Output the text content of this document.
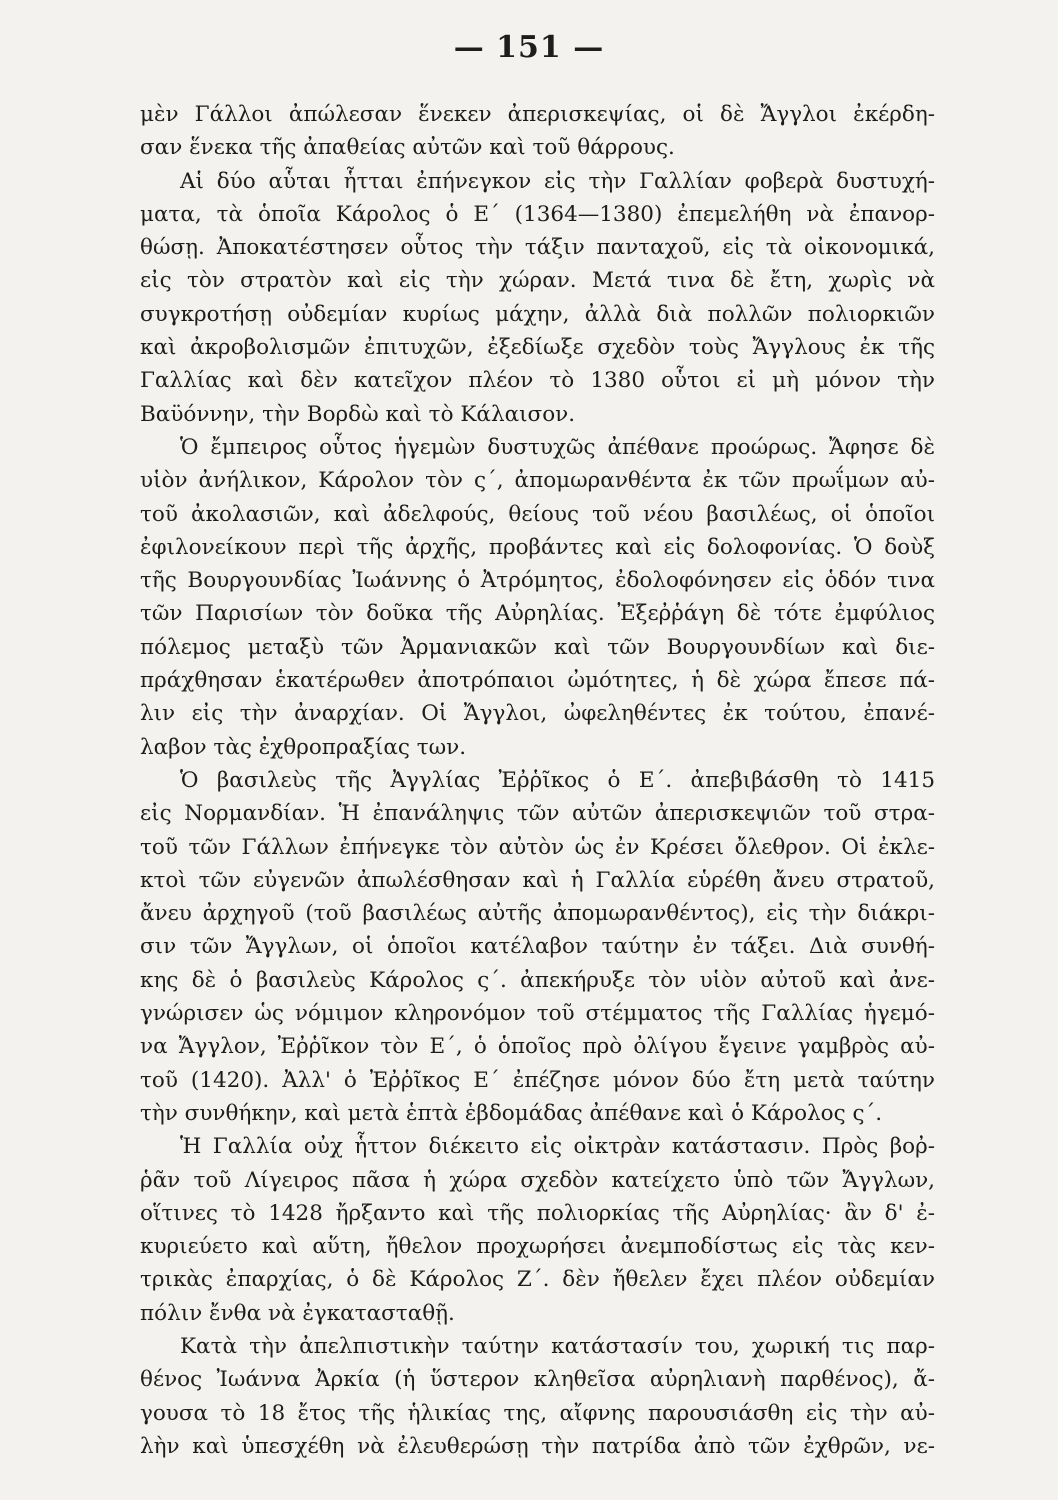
— 151 —
μὲν Γάλλοι ἀπώλεσαν ἕνεκεν ἀπερισκεψίας, οἱ δὲ Ἄγγλοι ἐκέρδη-
σαν ἕνεκα τῆς ἀπαθείας αὐτῶν καὶ τοῦ θάρρους.
Αἱ δύο αὗται ἧτται ἐπήνεγκον εἰς τὴν Γαλλίαν φοβερὰ δυστυχή-
ματα, τὰ ὁποῖα Κάρολος ὁ Ε΄ (1364—1380) ἐπεμελήθη νὰ ἐπανορ-
θώσῃ. Ἀποκατέστησεν οὗτος τὴν τάξιν πανταχοῦ, εἰς τὰ οἰκονομικά,
εἰς τὸν στρατὸν καὶ εἰς τὴν χώραν. Μετά τινα δὲ ἔτη, χωρὶς νὰ
συγκροτήσῃ οὐδεμίαν κυρίως μάχην, ἀλλὰ διὰ πολλῶν πολιορκιῶν
καὶ ἀκροβολισμῶν ἐπιτυχῶν, ἐξεδίωξε σχεδὸν τοὺς Ἄγγλους ἐκ τῆς
Γαλλίας καὶ δὲν κατεῖχον πλέον τὸ 1380 οὗτοι εἰ μὴ μόνον τὴν
Βαϋόννην, τὴν Βορδὼ καὶ τὸ Κάλαισον.
Ὁ ἔμπειρος οὗτος ἡγεμὼν δυστυχῶς ἀπέθανε προώρως. Ἄφησε δὲ
υἱὸν ἀνήλικον, Κάρολον τὸν ς΄, ἀπομωρανθέντα ἐκ τῶν πρωΐμων αὐ-
τοῦ ἀκολασιῶν, καὶ ἀδελφούς, θείους τοῦ νέου βασιλέως, οἱ ὁποῖοι
ἐφιλονείκουν περὶ τῆς ἀρχῆς, προβάντες καὶ εἰς δολοφονίας. Ὁ δοὺξ
τῆς Βουργουνδίας Ἰωάννης ὁ Ἀτρόμητος, ἐδολοφόνησεν εἰς ὁδόν τινα
τῶν Παρισίων τὸν δοῦκα τῆς Αὐρηλίας. Ἐξεῤῥάγη δὲ τότε ἐμφύλιος
πόλεμος μεταξὺ τῶν Ἀρμανιακῶν καὶ τῶν Βουργουνδίων καὶ διε-
πράχθησαν ἑκατέρωθεν ἀποτρόπαιοι ὠμότητες, ἡ δὲ χώρα ἔπεσε πά-
λιν εἰς τὴν ἀναρχίαν. Οἱ Ἄγγλοι, ὠφεληθέντες ἐκ τούτου, ἐπανέ-
λαβον τὰς ἐχθροπραξίας των.
Ὁ βασιλεὺς τῆς Ἀγγλίας Ἐῤῥῖκος ὁ Ε΄. ἀπεβιβάσθη τὸ 1415
εἰς Νορμανδίαν. Ἡ ἐπανάληψις τῶν αὐτῶν ἀπερισκεψιῶν τοῦ στρα-
τοῦ τῶν Γάλλων ἐπήνεγκε τὸν αὐτὸν ὡς ἐν Κρέσει ὄλεθρον. Οἱ ἐκλε-
κτοὶ τῶν εὐγενῶν ἀπωλέσθησαν καὶ ἡ Γαλλία εὑρέθη ἄνευ στρατοῦ,
ἄνευ ἀρχηγοῦ (τοῦ βασιλέως αὐτῆς ἀπομωρανθέντος), εἰς τὴν διάκρι-
σιν τῶν Ἄγγλων, οἱ ὁποῖοι κατέλαβον ταύτην ἐν τάξει. Διὰ συνθή-
κης δὲ ὁ βασιλεὺς Κάρολος ς΄. ἀπεκήρυξε τὸν υἱὸν αὐτοῦ καὶ ἀνε-
γνώρισεν ὡς νόμιμον κληρονόμον τοῦ στέμματος τῆς Γαλλίας ἡγεμό-
να Ἄγγλον, Ἐῤῥῖκον τὸν Ε΄, ὁ ὁποῖος πρὸ ὀλίγου ἔγεινε γαμβρὸς αὐ-
τοῦ (1420). Ἀλλ' ὁ Ἐῤῥῖκος Ε΄ ἐπέζησε μόνον δύο ἔτη μετὰ ταύτην
τὴν συνθήκην, καὶ μετὰ ἑπτὰ ἑβδομάδας ἀπέθανε καὶ ὁ Κάρολος ς΄.
Ἡ Γαλλία οὐχ ἧττον διέκειτο εἰς οἰκτρὰν κατάστασιν. Πρὸς βοῤ-
ῥᾶν τοῦ Λίγειρος πᾶσα ἡ χώρα σχεδὸν κατείχετο ὑπὸ τῶν Ἄγγλων,
οἵτινες τὸ 1428 ἤρξαντο καὶ τῆς πολιορκίας τῆς Αὐρηλίας· ἂν δ' ἐ-
κυριεύετο καὶ αὕτη, ἤθελον προχωρήσει ἀνεμποδίστως εἰς τὰς κεν-
τρικὰς ἐπαρχίας, ὁ δὲ Κάρολος Ζ΄. δὲν ἤθελεν ἔχει πλέον οὐδεμίαν
πόλιν ἔνθα νὰ ἐγκατασταθῇ.
Κατὰ τὴν ἀπελπιστικὴν ταύτην κατάστασίν του, χωρική τις παρ-
θένος Ἰωάννα Ἀρκία (ἡ ὕστερον κληθεῖσα αὐρηλιανὴ παρθένος), ἄ-
γουσα τὸ 18 ἔτος τῆς ἡλικίας της, αἴφνης παρουσιάσθη εἰς τὴν αὐ-
λὴν καὶ ὑπεσχέθη νὰ ἐλευθερώσῃ τὴν πατρίδα ἀπὸ τῶν ἐχθρῶν, νε-
